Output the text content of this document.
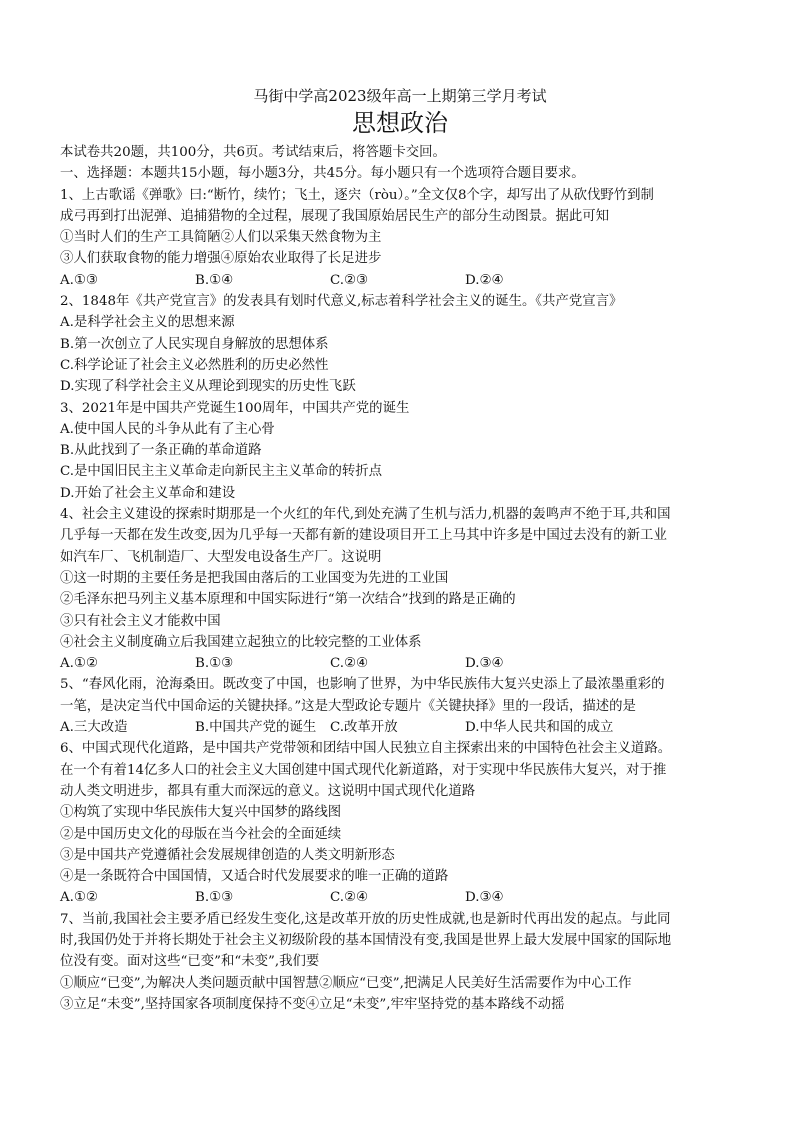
马街中学高2023级年高一上期第三学月考试

思想政治

本试卷共20题，共100分，共6页。考试结束后，将答题卡交回。

一、选择题：本题共15小题，每小题3分，共45分。每小题只有一个选项符合题目要求。

1、上古歌谣《弹歌》曰:“断竹，续竹；飞土，逐宍（ròu）。”全文仅8个字，却写出了从砍伐野竹到制

成弓再到打出泥弹、追捕猎物的全过程，展现了我国原始居民生产的部分生动图景。据此可知

①当时人们的生产工具简陋②人们以采集天然食物为主

③人们获取食物的能力增强④原始农业取得了长足进步

A.①③	B.①④	C.②③	D.②④

2、1848年《共产党宣言》的发表具有划时代意义,标志着科学社会主义的诞生。《共产党宣言》

A.是科学社会主义的思想来源

B.第一次创立了人民实现自身解放的思想体系

C.科学论证了社会主义必然胜利的历史必然性

D.实现了科学社会主义从理论到现实的历史性飞跃

3、2021年是中国共产党诞生100周年，中国共产党的诞生

A.使中国人民的斗争从此有了主心骨

B.从此找到了一条正确的革命道路

C.是中国旧民主主义革命走向新民主主义革命的转折点

D.开始了社会主义革命和建设

4、社会主义建设的探索时期那是一个火红的年代,到处充满了生机与活力,机器的轰鸣声不绝于耳,共和国

几乎每一天都在发生改变,因为几乎每一天都有新的建设项目开工上马其中许多是中国过去没有的新工业

如汽车厂、飞机制造厂、大型发电设备生产厂。这说明

①这一时期的主要任务是把我国由落后的工业国变为先进的工业国

②毛泽东把马列主义基本原理和中国实际进行“第一次结合”找到的路是正确的

③只有社会主义才能救中国

④社会主义制度确立后我国建立起独立的比较完整的工业体系

A.①②	B.①③	C.②④	D.③④

5、“春风化雨，沧海桑田。既改变了中国，也影响了世界，为中华民族伟大复兴史添上了最浓墨重彩的

一笔，是决定当代中国命运的关键抉择。”这是大型政论专题片《关键抉择》里的一段话，描述的是

A.三大改造	B.中国共产党的诞生	C.改革开放	D.中华人民共和国的成立

6、中国式现代化道路，是中国共产党带领和团结中国人民独立自主探索出来的中国特色社会主义道路。

在一个有着14亿多人口的社会主义大国创建中国式现代化新道路，对于实现中华民族伟大复兴，对于推

动人类文明进步，都具有重大而深远的意义。这说明中国式现代化道路

①构筑了实现中华民族伟大复兴中国梦的路线图

②是中国历史文化的母版在当今社会的全面延续

③是中国共产党遵循社会发展规律创造的人类文明新形态

④是一条既符合中国国情，又适合时代发展要求的唯一正确的道路

A.①②	B.①③	C.②④	D.③④

7、当前,我国社会主要矛盾已经发生变化,这是改革开放的历史性成就,也是新时代再出发的起点。与此同

时,我国仍处于并将长期处于社会主义初级阶段的基本国情没有变,我国是世界上最大发展中国家的国际地

位没有变。面对这些“已变”和“未变”,我们要

①顺应“已变”,为解决人类问题贡献中国智慧②顺应“已变”,把满足人民美好生活需要作为中心工作

③立足“未变”,坚持国家各项制度保持不变④立足“未变”,牢牢坚持党的基本路线不动摇
